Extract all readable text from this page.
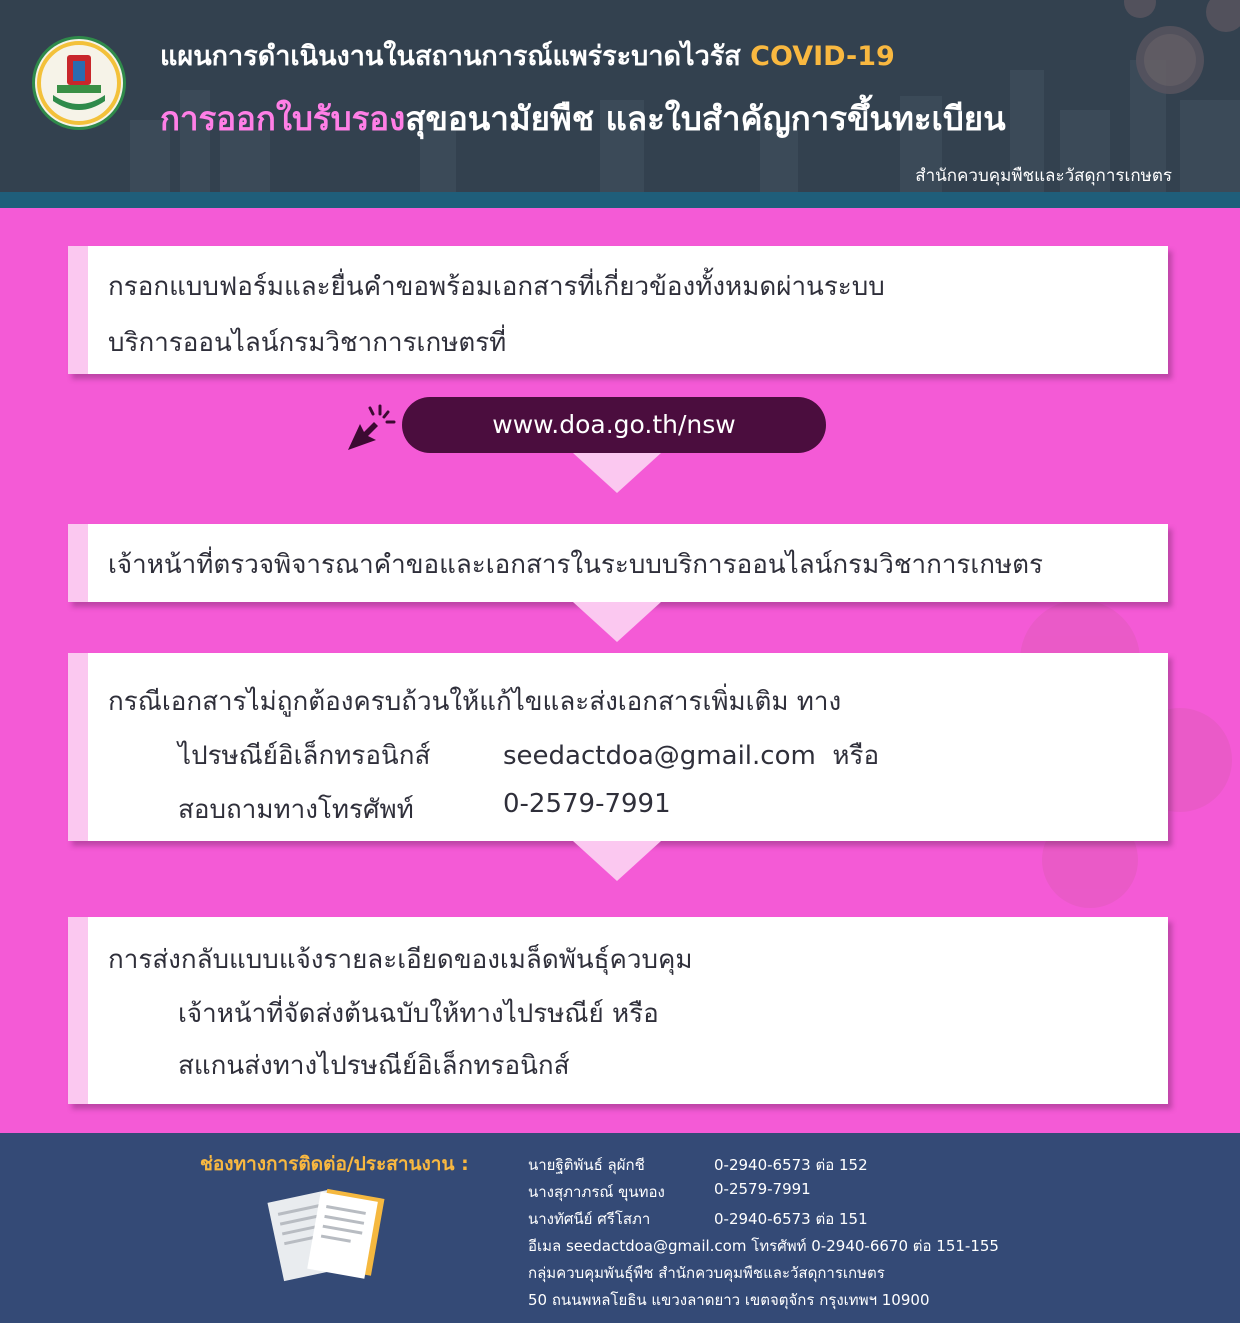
แผนการดำเนินงานในสถานการณ์แพร่ระบาดไวรัส COVID-19
การออกใบรับรองสุขอนามัยพืช และใบสำคัญการขึ้นทะเบียน
สำนักควบคุมพืชและวัสดุการเกษตร
กรอกแบบฟอร์มและยื่นคำขอพร้อมเอกสารที่เกี่ยวข้องทั้งหมดผ่านระบบ
บริการออนไลน์กรมวิชาการเกษตรที่
www.doa.go.th/nsw
เจ้าหน้าที่ตรวจพิจารณาคำขอและเอกสารในระบบบริการออนไลน์กรมวิชาการเกษตร
กรณีเอกสารไม่ถูกต้องครบถ้วนให้แก้ไขและส่งเอกสารเพิ่มเติม ทาง
ไปรษณีย์อิเล็กทรอนิกส์	seedactdoa@gmail.com หรือ
สอบถามทางโทรศัพท์	0-2579-7991
การส่งกลับแบบแจ้งรายละเอียดของเมล็ดพันธุ์ควบคุม
เจ้าหน้าที่จัดส่งต้นฉบับให้ทางไปรษณีย์ หรือ
สแกนส่งทางไปรษณีย์อิเล็กทรอนิกส์
ช่องทางการติดต่อ/ประสานงาน :	นายฐิติพันธ์ ลุผักชี	0-2940-6573 ต่อ 152
นางสุภาภรณ์ ขุนทอง	0-2579-7991
นางทัศนีย์ ศรีโสภา	0-2940-6573 ต่อ 151
อีเมล seedactdoa@gmail.com โทรศัพท์ 0-2940-6670 ต่อ 151-155
กลุ่มควบคุมพันธุ์พืช สำนักควบคุมพืชและวัสดุการเกษตร
50 ถนนพหลโยธิน แขวงลาดยาว เขตจตุจักร กรุงเทพฯ 10900
